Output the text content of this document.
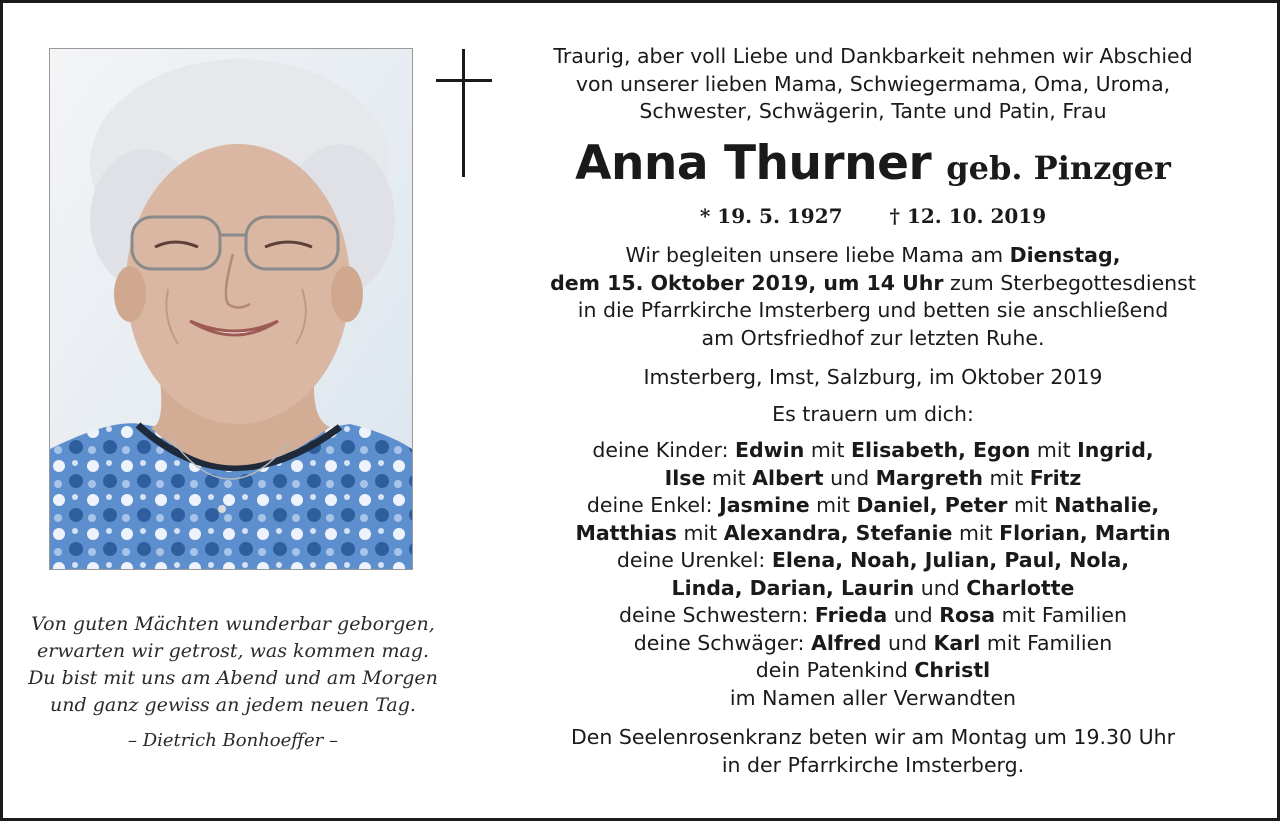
Von guten Mächten wunderbar geborgen,
erwarten wir getrost, was kommen mag.
Du bist mit uns am Abend und am Morgen
und ganz gewiss an jedem neuen Tag.
– Dietrich Bonhoeffer –
Traurig, aber voll Liebe und Dankbarkeit nehmen wir Abschied
von unserer lieben Mama, Schwiegermama, Oma, Uroma,
Schwester, Schwägerin, Tante und Patin, Frau
Anna Thurner geb. Pinzger
* 19. 5. 1927 † 12. 10. 2019
Wir begleiten unsere liebe Mama am Dienstag,
dem 15. Oktober 2019, um 14 Uhr zum Sterbegottesdienst
in die Pfarrkirche Imsterberg und betten sie anschließend
am Ortsfriedhof zur letzten Ruhe.
Imsterberg, Imst, Salzburg, im Oktober 2019
Es trauern um dich:
deine Kinder: Edwin mit Elisabeth, Egon mit Ingrid,
Ilse mit Albert und Margreth mit Fritz
deine Enkel: Jasmine mit Daniel, Peter mit Nathalie,
Matthias mit Alexandra, Stefanie mit Florian, Martin
deine Urenkel: Elena, Noah, Julian, Paul, Nola,
Linda, Darian, Laurin und Charlotte
deine Schwestern: Frieda und Rosa mit Familien
deine Schwäger: Alfred und Karl mit Familien
dein Patenkind Christl
im Namen aller Verwandten
Den Seelenrosenkranz beten wir am Montag um 19.30 Uhr
in der Pfarrkirche Imsterberg.
